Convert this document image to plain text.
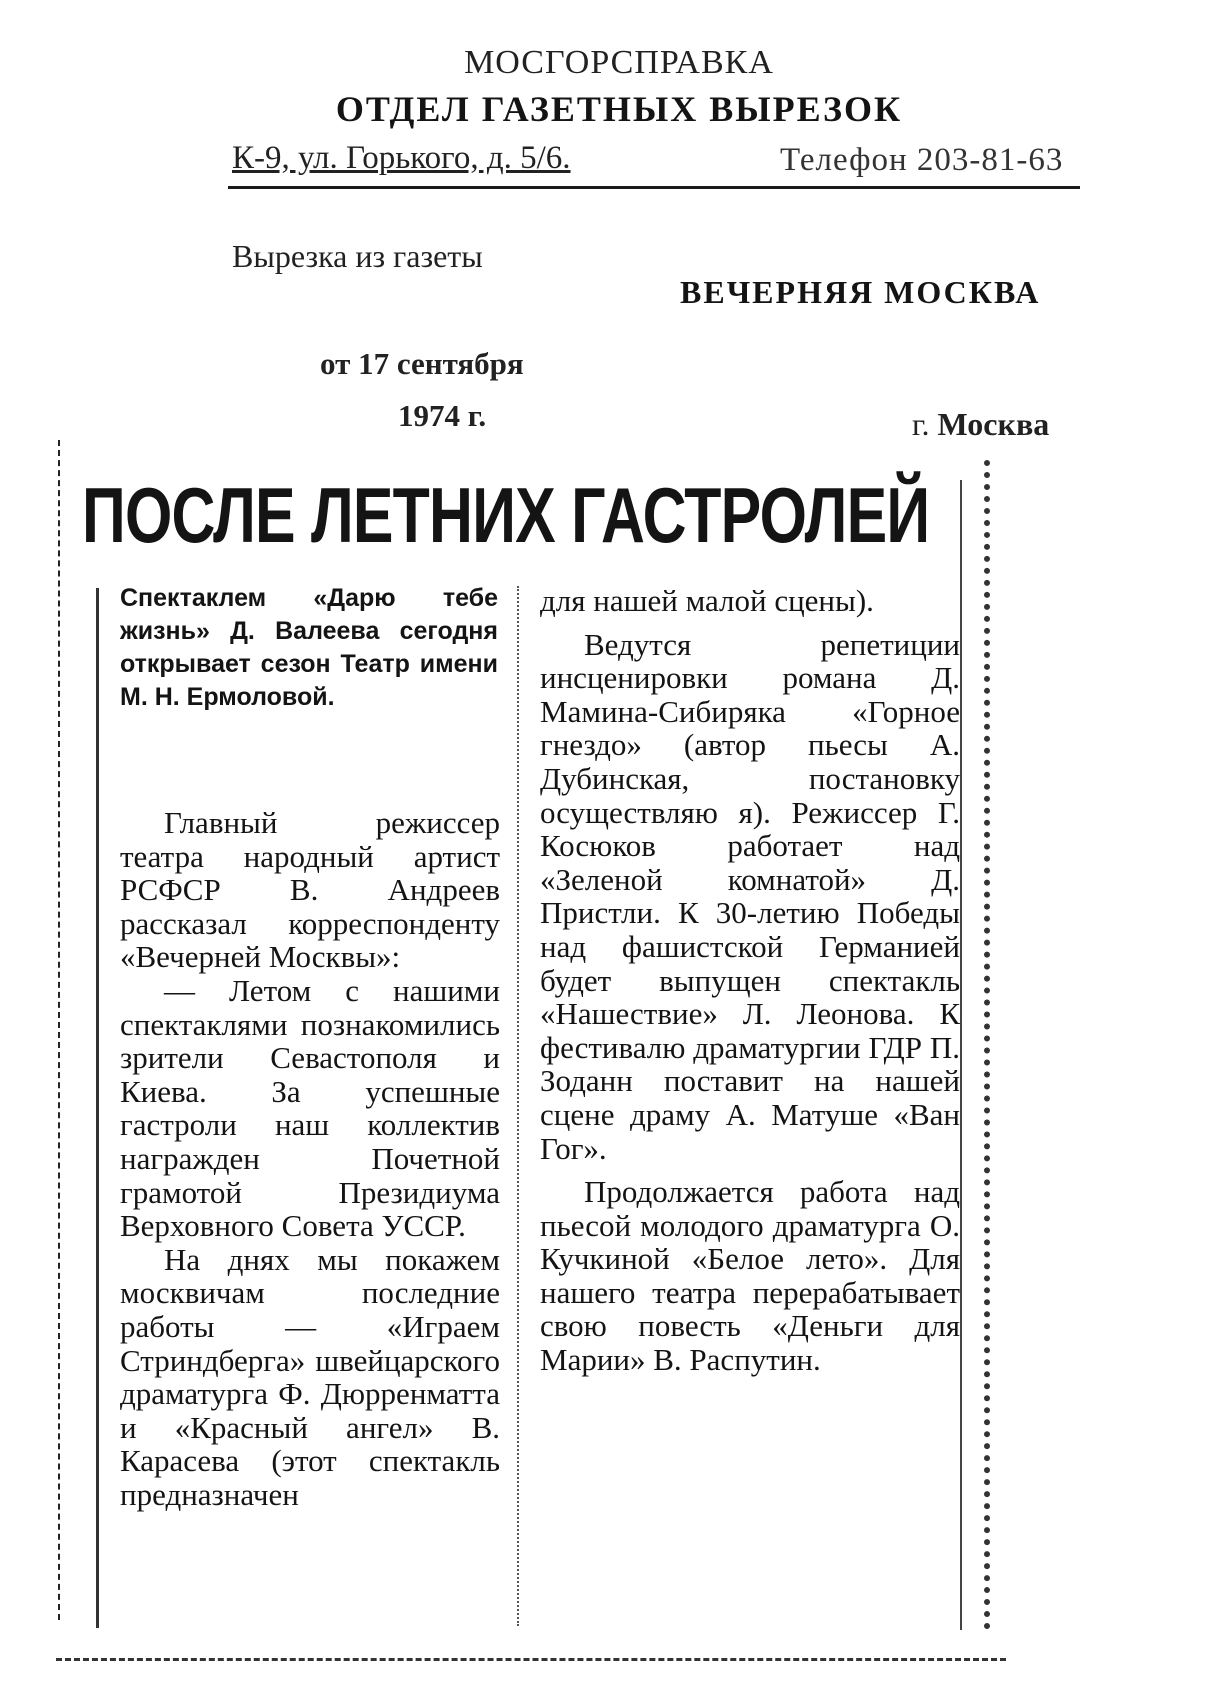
МОСГОРСПРАВКА
ОТДЕЛ ГАЗЕТНЫХ ВЫРЕЗОК
К-9, ул. Горького, д. 5/6.	Телефон 203-81-63
Вырезка из газеты
ВЕЧЕРНЯЯ МОСКВА
от 17 сентября
1974 г.	г. Москва
ПОСЛЕ ЛЕТНИХ ГАСТРОЛЕЙ
Спектаклем «Дарю тебе жизнь» Д. Валеева сегодня открывает сезон Театр имени М. Н. Ермоловой.

Главный режиссер театра народный артист РСФСР В. Андреев рассказал корреспонденту «Вечерней Москвы»:

— Летом с нашими спектаклями познакомились зрители Севастополя и Киева. За успешные гастроли наш коллектив награжден Почетной грамотой Президиума Верховного Совета УССР.

На днях мы покажем москвичам последние работы — «Играем Стриндберга» швейцарского драматурга Ф. Дюрренматта и «Красный ангел» В. Карасева (этот спектакль предназначен

для нашей малой сцены).

Ведутся репетиции инсценировки романа Д. Мамина-Сибиряка «Горное гнездо» (автор пьесы А. Дубинская, постановку осуществляю я). Режиссер Г. Косюков работает над «Зеленой комнатой» Д. Пристли. К 30-летию Победы над фашистской Германией будет выпущен спектакль «Нашествие» Л. Леонова. К фестивалю драматургии ГДР П. Зоданн поставит на нашей сцене драму А. Матуше «Ван Гог».

Продолжается работа над пьесой молодого драматурга О. Кучкиной «Белое лето». Для нашего театра перерабатывает свою повесть «Деньги для Марии» В. Распутин.
